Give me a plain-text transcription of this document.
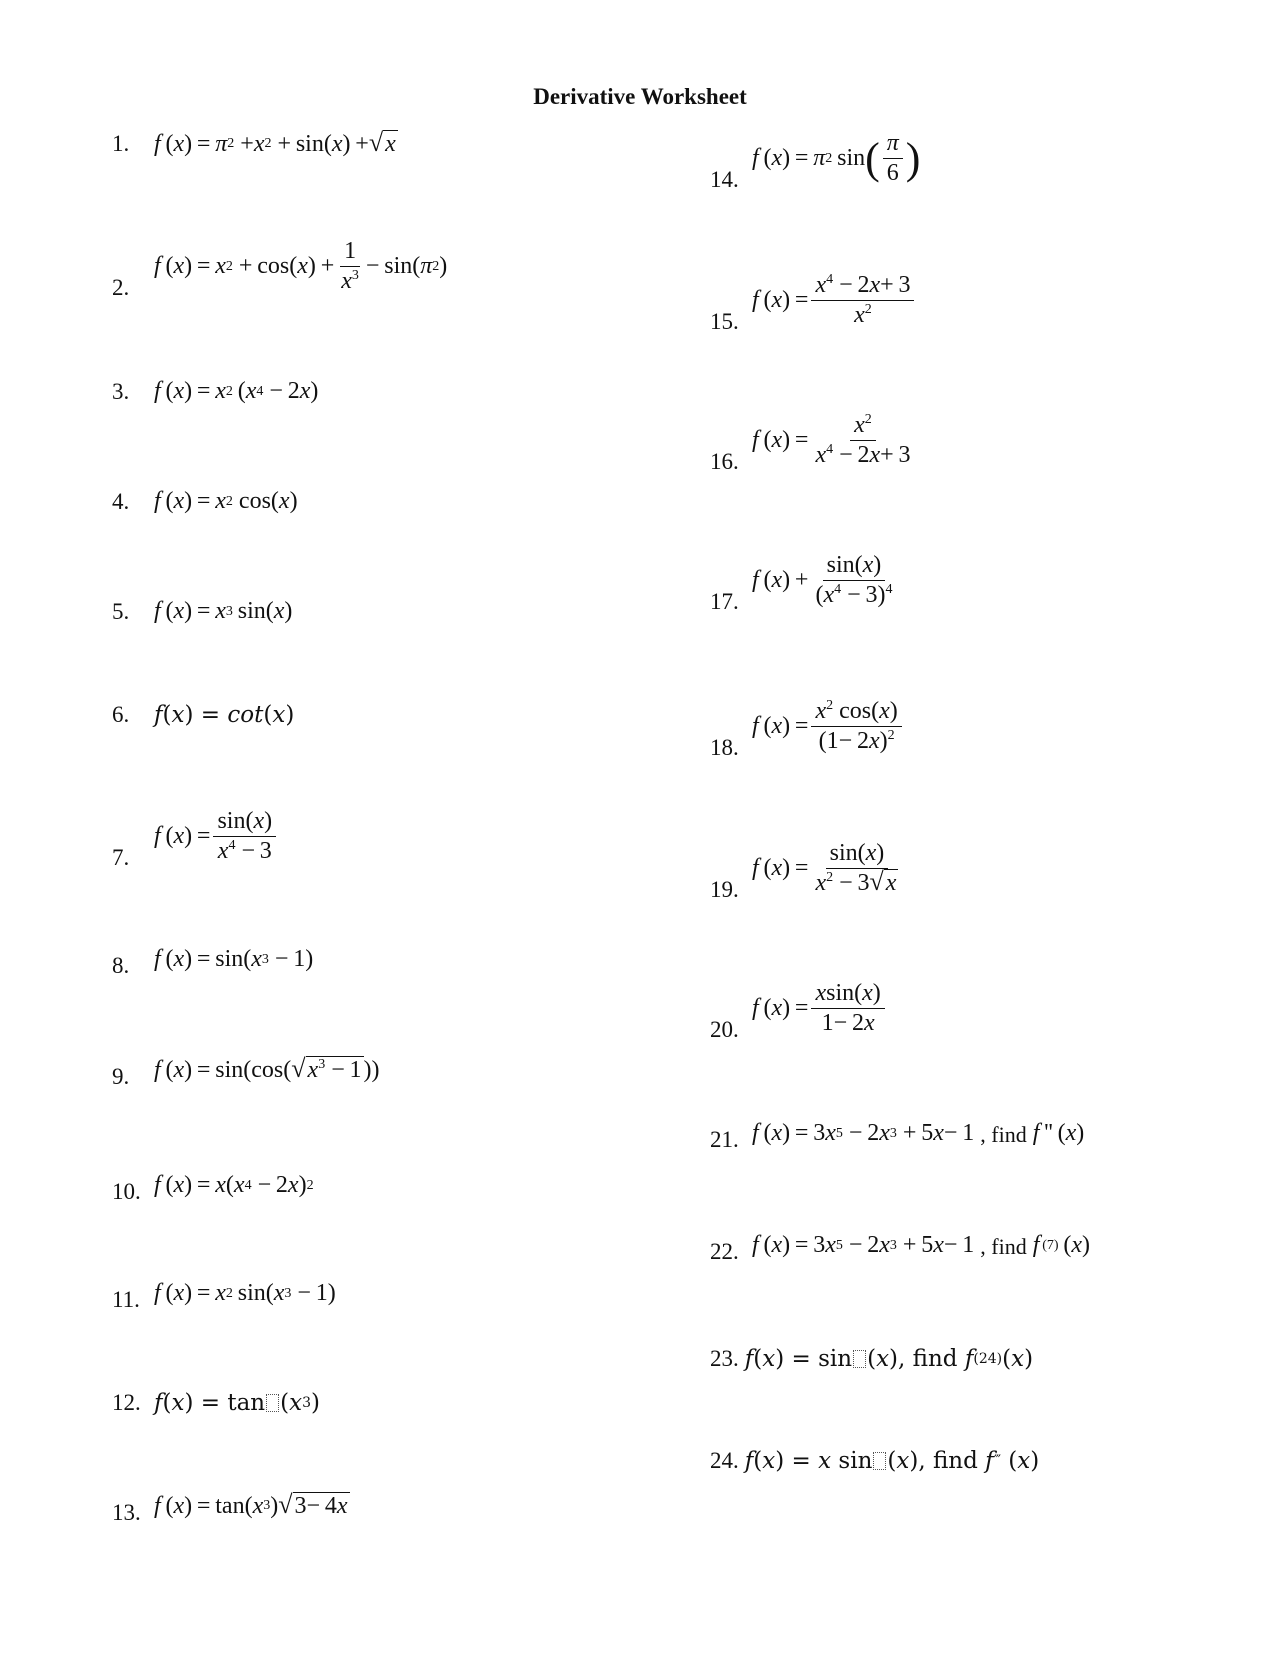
Derivative Worksheet
1.	f  ( x ) =  π 2 + x 2 + sin( x ) + √ x
2.
f  ( x ) =  x 2 + cos( x ) + $\frac{1}{x^3} - \sin$( π 2 )
3.	f  ( x ) =  x 2  ( x 4 − 2 x )
4.	f  ( x ) =  x 2 cos( x )
5.	f  ( x ) =  x 3  sin( x )
6.	f ( x ) = cot ( x )
7.
f  ( x ) = $\frac{\sin(x)}{x^4 - 3}$
8.	f  ( x ) = sin( x 3 − 1)
9.	f  ( x ) = sin(cos( √ $x^3 - 1$ ))
10. f  ( x ) =  x ( x 4 − 2 x ) 2
11. f  ( x ) =  x 2  sin( x 3 − 1)
12. f ( x ) = tan ( x 3 )
13. f  ( x ) = tan( x 3 ) √ 3− 4x
14.
f  ( x ) =  π 2  sin ( $\frac{\pi}{6}$ )
15.
f  ( x ) = $\frac{x^4 - 2x+ 3}{x^2}$
16.
f  ( x ) = $\frac{x^2}{x^4 - 2x+ 3}$
17.
f  ( x ) + $\frac{\sin(x)}{(x^4 - 3)^4}$
18.
f  ( x ) = $\frac{x^2 \cos(x)}{(1- 2x)^2}$
19.
f  ( x ) = $\frac{\sin(x)}{x^2 - 3 √ x}$
20.
f  ( x ) = $\frac{xsin(x)}{1- 2x}$
21. f  ( x ) = 3 x 5 − 2 x 3 + 5 x − 1 , find f  '' ( x )
22. f  ( x ) = 3 x 5 − 2 x 3 + 5 x − 1 , find f  (7)  ( x )
23. f ( x ) = sin ( x ), find
f (24) ( x )
24. f ( x ) = x sin ( x ), find
f ‴ ( x )
